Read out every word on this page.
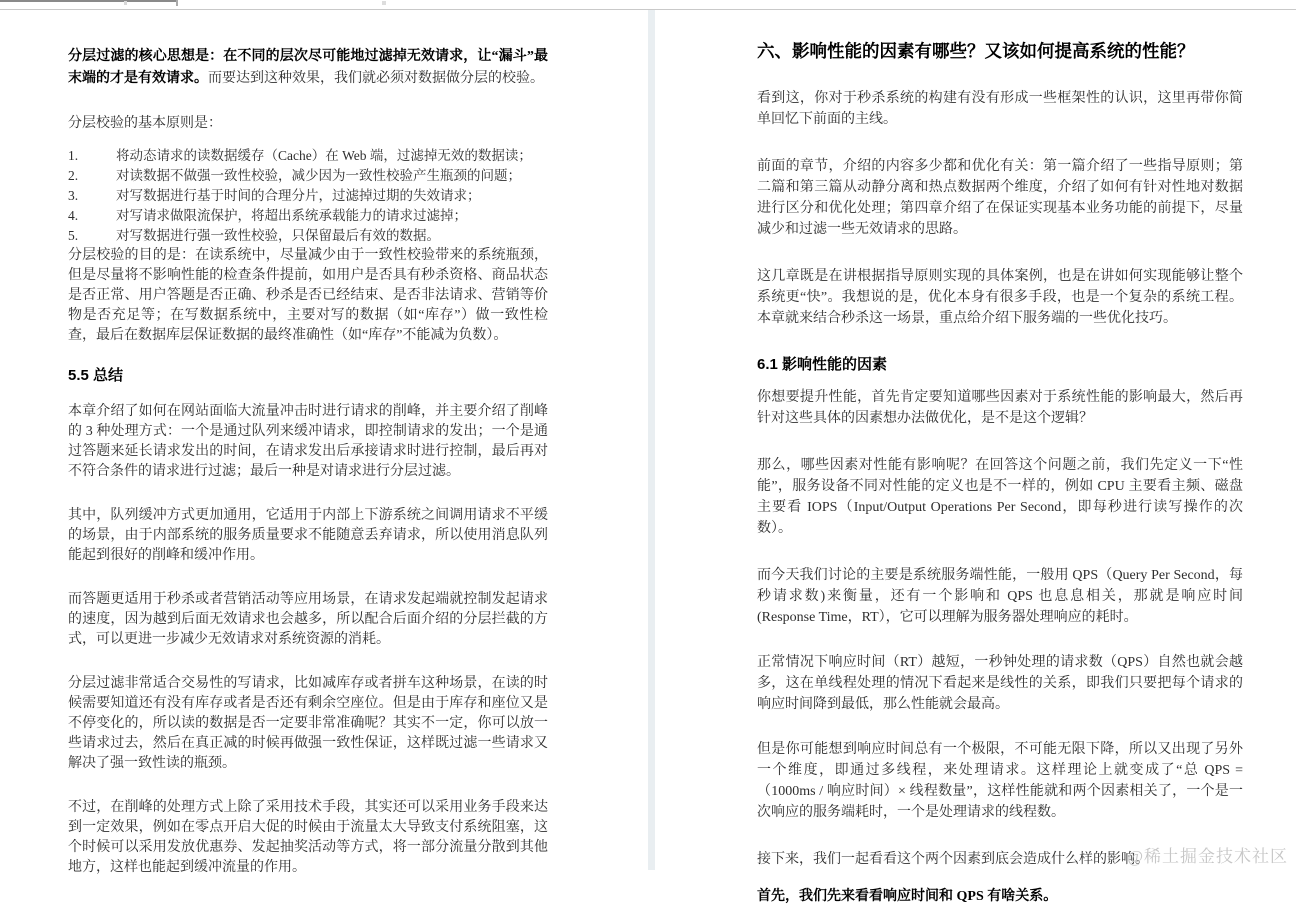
分层过滤的核心思想是：在不同的层次尽可能地过滤掉无效请求，让“漏斗”最末端的才是有效请求。而要达到这种效果，我们就必须对数据做分层的校验。

分层校验的基本原则是：

1.	将动态请求的读数据缓存（Cache）在 Web 端，过滤掉无效的数据读；
2.	对读数据不做强一致性校验，减少因为一致性校验产生瓶颈的问题；
3.	对写数据进行基于时间的合理分片，过滤掉过期的失效请求；
4.	对写请求做限流保护，将超出系统承载能力的请求过滤掉；
5.	对写数据进行强一致性校验，只保留最后有效的数据。

分层校验的目的是：在读系统中，尽量减少由于一致性校验带来的系统瓶颈，但是尽量将不影响性能的检查条件提前，如用户是否具有秒杀资格、商品状态是否正常、用户答题是否正确、秒杀是否已经结束、是否非法请求、营销等价物是否充足等；在写数据系统中，主要对写的数据（如“库存”）做一致性检查，最后在数据库层保证数据的最终准确性（如“库存”不能减为负数）。

5.5 总结

本章介绍了如何在网站面临大流量冲击时进行请求的削峰，并主要介绍了削峰的 3 种处理方式：一个是通过队列来缓冲请求，即控制请求的发出；一个是通过答题来延长请求发出的时间，在请求发出后承接请求时进行控制，最后再对不符合条件的请求进行过滤；最后一种是对请求进行分层过滤。

其中，队列缓冲方式更加通用，它适用于内部上下游系统之间调用请求不平缓的场景，由于内部系统的服务质量要求不能随意丢弃请求，所以使用消息队列能起到很好的削峰和缓冲作用。

而答题更适用于秒杀或者营销活动等应用场景，在请求发起端就控制发起请求的速度，因为越到后面无效请求也会越多，所以配合后面介绍的分层拦截的方式，可以更进一步减少无效请求对系统资源的消耗。

分层过滤非常适合交易性的写请求，比如减库存或者拼车这种场景，在读的时候需要知道还有没有库存或者是否还有剩余空座位。但是由于库存和座位又是不停变化的，所以读的数据是否一定要非常准确呢？其实不一定，你可以放一些请求过去，然后在真正减的时候再做强一致性保证，这样既过滤一些请求又解决了强一致性读的瓶颈。

不过，在削峰的处理方式上除了采用技术手段，其实还可以采用业务手段来达到一定效果，例如在零点开启大促的时候由于流量太大导致支付系统阻塞，这个时候可以采用发放优惠券、发起抽奖活动等方式，将一部分流量分散到其他地方，这样也能起到缓冲流量的作用。

六、影响性能的因素有哪些？又该如何提高系统的性能？

看到这，你对于秒杀系统的构建有没有形成一些框架性的认识，这里再带你简单回忆下前面的主线。

前面的章节，介绍的内容多少都和优化有关：第一篇介绍了一些指导原则；第二篇和第三篇从动静分离和热点数据两个维度，介绍了如何有针对性地对数据进行区分和优化处理；第四章介绍了在保证实现基本业务功能的前提下，尽量减少和过滤一些无效请求的思路。

这几章既是在讲根据指导原则实现的具体案例，也是在讲如何实现能够让整个系统更“快”。我想说的是，优化本身有很多手段，也是一个复杂的系统工程。本章就来结合秒杀这一场景，重点给介绍下服务端的一些优化技巧。

6.1 影响性能的因素

你想要提升性能，首先肯定要知道哪些因素对于系统性能的影响最大，然后再针对这些具体的因素想办法做优化，是不是这个逻辑？

那么，哪些因素对性能有影响呢？在回答这个问题之前，我们先定义一下“性能”，服务设备不同对性能的定义也是不一样的，例如 CPU 主要看主频、磁盘主要看 IOPS（Input/Output Operations Per Second，即每秒进行读写操作的次数）。

而今天我们讨论的主要是系统服务端性能，一般用 QPS（Query Per Second，每秒请求数)来衡量，还有一个影响和 QPS 也息息相关，那就是响应时间(Response Time，RT），它可以理解为服务器处理响应的耗时。

正常情况下响应时间（RT）越短，一秒钟处理的请求数（QPS）自然也就会越多，这在单线程处理的情况下看起来是线性的关系，即我们只要把每个请求的响应时间降到最低，那么性能就会最高。

但是你可能想到响应时间总有一个极限，不可能无限下降，所以又出现了另外一个维度，即通过多线程，来处理请求。这样理论上就变成了“总 QPS =（1000ms / 响应时间）× 线程数量”，这样性能就和两个因素相关了，一个是一次响应的服务端耗时，一个是处理请求的线程数。

接下来，我们一起看看这个两个因素到底会造成什么样的影响。

首先，我们先来看看响应时间和 QPS 有啥关系。

@稀土掘金技术社区
